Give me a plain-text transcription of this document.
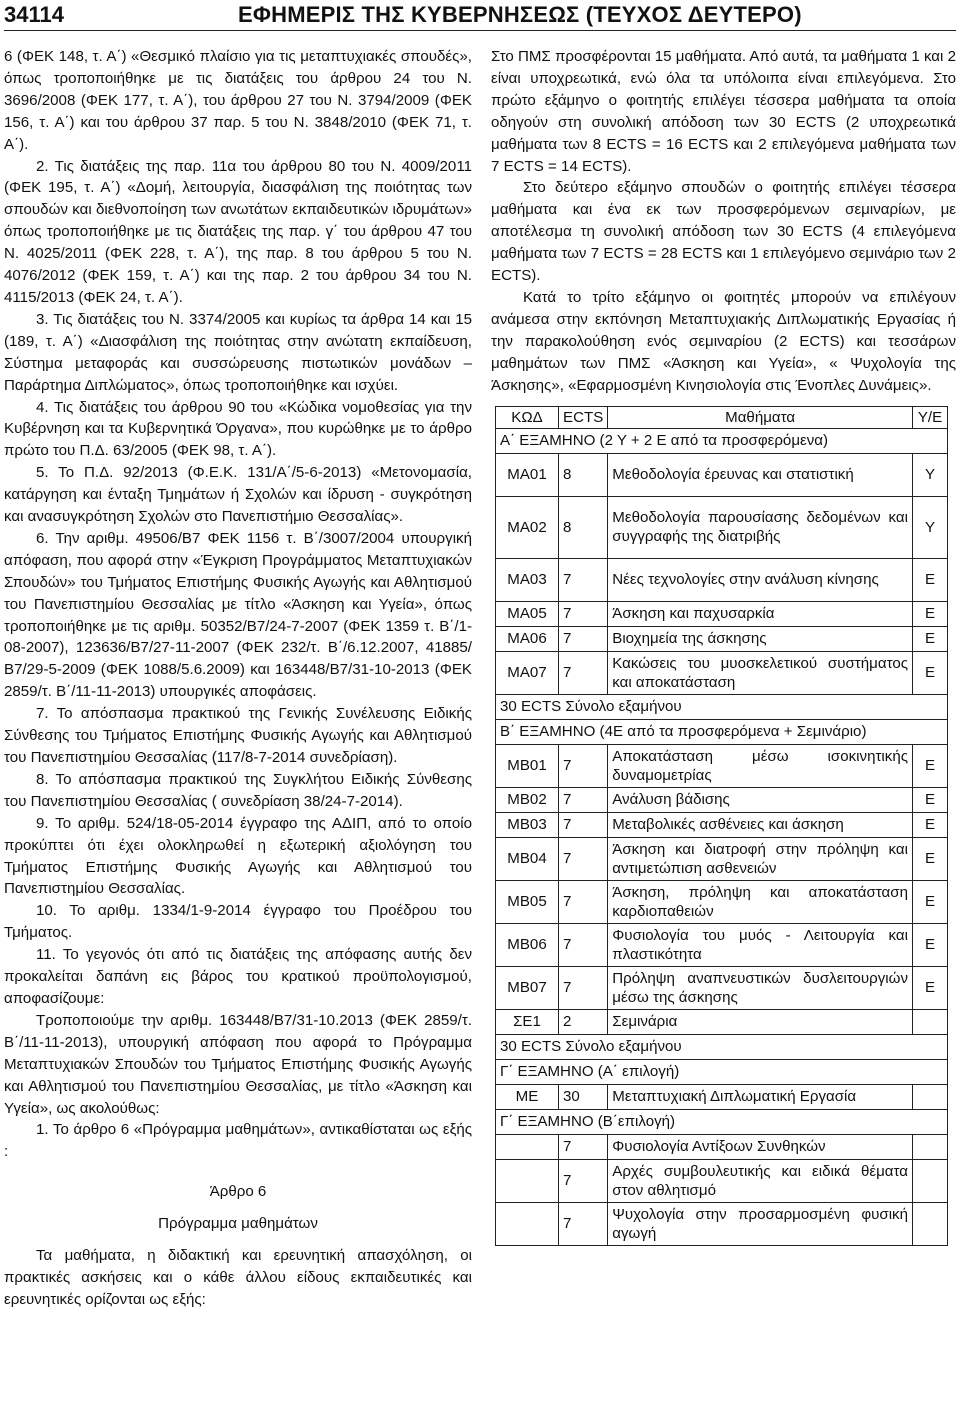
34114	ΕΦΗΜΕΡΙΣ ΤΗΣ ΚΥΒΕΡΝΗΣΕΩΣ (ΤΕΥΧΟΣ ΔΕΥΤΕΡΟ)

6 (ΦΕΚ 148, τ. Α΄) «Θεσμικό πλαίσιο για τις μεταπτυχιακές σπουδές», όπως τροποποιήθηκε με τις διατάξεις του άρθρου 24 του Ν. 3696/2008 (ΦΕΚ 177, τ. Α΄), του άρθρου 27 του Ν. 3794/2009 (ΦΕΚ 156, τ. Α΄) και του άρθρου 37 παρ. 5 του Ν. 3848/2010 (ΦΕΚ 71, τ. Α΄).

2. Τις διατάξεις της παρ. 11α του άρθρου 80 του Ν. 4009/2011 (ΦΕΚ 195, τ. Α΄) «Δομή, λειτουργία, διασφάλιση της ποιότητας των σπουδών και διεθνοποίηση των ανωτάτων εκπαιδευτικών ιδρυμάτων» όπως τροποποιήθηκε με τις διατάξεις της παρ. γ΄ του άρθρου 47 του Ν. 4025/2011 (ΦΕΚ 228, τ. Α΄), της παρ. 8 του άρθρου 5 του Ν. 4076/2012 (ΦΕΚ 159, τ. Α΄) και της παρ. 2 του άρθρου 34 του Ν. 4115/2013 (ΦΕΚ 24, τ. Α΄).

3. Τις διατάξεις του Ν. 3374/2005 και κυρίως τα άρθρα 14 και 15 (189, τ. Α΄) «Διασφάλιση της ποιότητας στην ανώτατη εκπαίδευση, Σύστημα μεταφοράς και συσσώρευσης πιστωτικών μονάδων – Παράρτημα Διπλώματος», όπως τροποποιήθηκε και ισχύει.

4. Τις διατάξεις του άρθρου 90 του «Κώδικα νομοθεσίας για την Κυβέρνηση και τα Κυβερνητικά Όργανα», που κυρώθηκε με το άρθρο πρώτο του Π.Δ. 63/2005 (ΦΕΚ 98, τ. Α΄).

5. Το Π.Δ. 92/2013 (Φ.Ε.Κ. 131/Α΄/5-6-2013) «Μετονομασία, κατάργηση και ένταξη Τμημάτων ή Σχολών και ίδρυση - συγκρότηση και ανασυγκρότηση Σχολών στο Πανεπιστήμιο Θεσσαλίας».

6. Την αριθμ. 49506/Β7 ΦΕΚ 1156 τ. Β΄/3007/2004 υπουργική απόφαση, που αφορά στην «Έγκριση Προγράμματος Μεταπτυχιακών Σπουδών» του Τμήματος Επιστήμης Φυσικής Αγωγής και Αθλητισμού του Πανεπιστημίου Θεσσαλίας με τίτλο «Άσκηση και Υγεία», όπως τροποποιήθηκε με τις αριθμ. 50352/Β7/24-7-2007 (ΦΕΚ 1359 τ. Β΄/1-08-2007), 123636/Β7/27-11-2007 (ΦΕΚ 232/τ. Β΄/6.12.2007, 41885/Β7/29-5-2009 (ΦΕΚ 1088/5.6.2009) και 163448/Β7/31-10-2013 (ΦΕΚ 2859/τ. Β΄/11-11-2013) υπουργικές αποφάσεις.

7. Το απόσπασμα πρακτικού της Γενικής Συνέλευσης Ειδικής Σύνθεσης του Τμήματος Επιστήμης Φυσικής Αγωγής και Αθλητισμού του Πανεπιστημίου Θεσσαλίας (117/8-7-2014 συνεδρίαση).

8. Το απόσπασμα πρακτικού της Συγκλήτου Ειδικής Σύνθεσης του Πανεπιστημίου Θεσσαλίας ( συνεδρίαση 38/24-7-2014).

9. Το αριθμ. 524/18-05-2014 έγγραφο της ΑΔΙΠ, από το οποίο προκύπτει ότι έχει ολοκληρωθεί η εξωτερική αξιολόγηση του Τμήματος Επιστήμης Φυσικής Αγωγής και Αθλητισμού του Πανεπιστημίου Θεσσαλίας.

10. Το αριθμ. 1334/1-9-2014 έγγραφο του Προέδρου του Τμήματος.

11. Το γεγονός ότι από τις διατάξεις της απόφασης αυτής δεν προκαλείται δαπάνη εις βάρος του κρατικού προϋπολογισμού, αποφασίζουμε:

Τροποποιούμε την αριθμ. 163448/Β7/31-10.2013 (ΦΕΚ 2859/τ. Β΄/11-11-2013), υπουργική απόφαση που αφορά το Πρόγραμμα Μεταπτυχιακών Σπουδών του Τμήματος Επιστήμης Φυσικής Αγωγής και Αθλητισμού του Πανεπιστημίου Θεσσαλίας, με τίτλο «Άσκηση και Υγεία», ως ακολούθως:

1. Το άρθρο 6 «Πρόγραμμα μαθημάτων», αντικαθίσταται ως εξής :

Άρθρο 6

Πρόγραμμα μαθημάτων

Τα μαθήματα, η διδακτική και ερευνητική απασχόληση, οι πρακτικές ασκήσεις και ο κάθε άλλου είδους εκπαιδευτικές και ερευνητικές ορίζονται ως εξής:

Στο ΠΜΣ προσφέρονται 15 μαθήματα. Από αυτά, τα μαθήματα 1 και 2 είναι υποχρεωτικά, ενώ όλα τα υπόλοιπα είναι επιλεγόμενα. Στο πρώτο εξάμηνο ο φοιτητής επιλέγει τέσσερα μαθήματα τα οποία οδηγούν στη συνολική απόδοση των 30 ECTS (2 υποχρεωτικά μαθήματα των 8 ECTS = 16 ECTS και 2 επιλεγόμενα μαθήματα των 7 ECTS = 14 ECTS).

Στο δεύτερο εξάμηνο σπουδών ο φοιτητής επιλέγει τέσσερα μαθήματα και ένα εκ των προσφερόμενων σεμιναρίων, με αποτέλεσμα τη συνολική απόδοση των 30 ECTS (4 επιλεγόμενα μαθήματα των 7 ECTS = 28 ECTS και 1 επιλεγόμενο σεμινάριο των 2 ECTS).

Κατά το τρίτο εξάμηνο οι φοιτητές μπορούν να επιλέγουν ανάμεσα στην εκπόνηση Μεταπτυχιακής Διπλωματικής Εργασίας ή την παρακολούθηση ενός σεμιναρίου (2 ECTS) και τεσσάρων μαθημάτων των ΠΜΣ «Άσκηση και Υγεία», « Ψυχολογία της Άσκησης», «Εφαρμοσμένη Κινησιολογία στις Ένοπλες Δυνάμεις».

ΚΩΔ	ECTS	Μαθήματα	Υ/Ε
Α΄ ΕΞΑΜΗΝΟ (2 Υ + 2 Ε από τα προσφερόμενα)			
ΜΑ01	8	Μεθοδολογία έρευνας και στατιστική	Υ
ΜΑ02	8	Μεθοδολογία παρουσίασης δεδομένων και συγγραφής της διατριβής	Υ
ΜΑ03	7	Νέες τεχνολογίες στην ανάλυση κίνησης	Ε
ΜΑ05	7	Άσκηση και παχυσαρκία	Ε
ΜΑ06	7	Βιοχημεία της άσκησης	Ε
ΜΑ07	7	Κακώσεις του μυοσκελετικού συστήματος και αποκατάσταση	Ε
30 ECTS Σύνολο εξαμήνου			
Β΄ ΕΞΑΜΗΝΟ (4Ε από τα προσφερόμενα + Σεμινάριο)			
ΜΒ01	7	Αποκατάσταση μέσω ισοκινητικής δυναμομετρίας	Ε
ΜΒ02	7	Ανάλυση βάδισης	Ε
ΜΒ03	7	Μεταβολικές ασθένειες και άσκηση	Ε
ΜΒ04	7	Άσκηση και διατροφή στην πρόληψη και αντιμετώπιση ασθενειών	Ε
ΜΒ05	7	Άσκηση, πρόληψη και αποκατάσταση καρδιοπαθειών	Ε
ΜΒ06	7	Φυσιολογία του μυός - Λειτουργία και πλαστικότητα	Ε
ΜΒ07	7	Πρόληψη αναπνευστικών δυσλειτουργιών μέσω της άσκησης	Ε
ΣΕ1	2	Σεμινάρια	
30 ECTS Σύνολο εξαμήνου			
Γ΄ ΕΞΑΜΗΝΟ (Α΄ επιλογή)			
ΜΕ	30	Μεταπτυχιακή Διπλωματική Εργασία	
Γ΄ ΕΞΑΜΗΝΟ (Β΄επιλογή)			
	7	Φυσιολογία Αντίξοων Συνθηκών	
	7	Αρχές συμβουλευτικής και ειδικά θέματα στον αθλητισμό	
	7	Ψυχολογία στην προσαρμοσμένη φυσική αγωγή	
